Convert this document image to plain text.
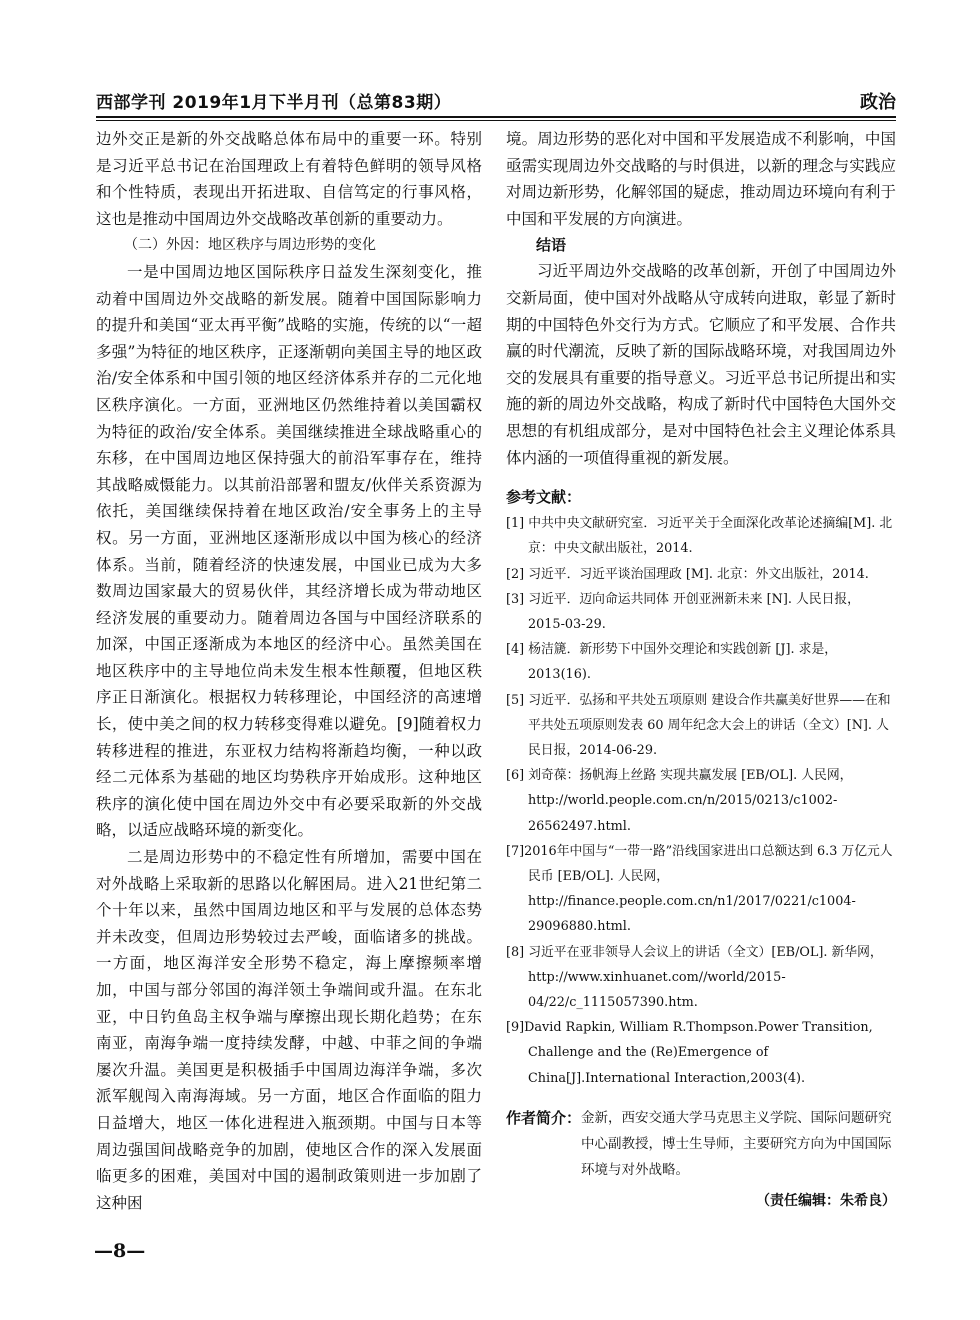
西部学刊 2019年1月下半月刊（总第83期）	政治

边外交正是新的外交战略总体布局中的重要一环。特别是习近平总书记在治国理政上有着特色鲜明的领导风格和个性特质，表现出开拓进取、自信笃定的行事风格，这也是推动中国周边外交战略改革创新的重要动力。

（二）外因：地区秩序与周边形势的变化

一是中国周边地区国际秩序日益发生深刻变化，推动着中国周边外交战略的新发展。随着中国国际影响力的提升和美国“亚太再平衡”战略的实施，传统的以“一超多强”为特征的地区秩序，正逐渐朝向美国主导的地区政治/安全体系和中国引领的地区经济体系并存的二元化地区秩序演化。一方面，亚洲地区仍然维持着以美国霸权为特征的政治/安全体系。美国继续推进全球战略重心的东移，在中国周边地区保持强大的前沿军事存在，维持其战略威慑能力。以其前沿部署和盟友/伙伴关系资源为依托，美国继续保持着在地区政治/安全事务上的主导权。另一方面，亚洲地区逐渐形成以中国为核心的经济体系。当前，随着经济的快速发展，中国业已成为大多数周边国家最大的贸易伙伴，其经济增长成为带动地区经济发展的重要动力。随着周边各国与中国经济联系的加深，中国正逐渐成为本地区的经济中心。虽然美国在地区秩序中的主导地位尚未发生根本性颠覆，但地区秩序正日渐演化。根据权力转移理论，中国经济的高速增长，使中美之间的权力转移变得难以避免。[9]随着权力转移进程的推进，东亚权力结构将渐趋均衡，一种以政经二元体系为基础的地区均势秩序开始成形。这种地区秩序的演化使中国在周边外交中有必要采取新的外交战略，以适应战略环境的新变化。

二是周边形势中的不稳定性有所增加，需要中国在对外战略上采取新的思路以化解困局。进入21世纪第二个十年以来，虽然中国周边地区和平与发展的总体态势并未改变，但周边形势较过去严峻，面临诸多的挑战。一方面，地区海洋安全形势不稳定，海上摩擦频率增加，中国与部分邻国的海洋领土争端间或升温。在东北亚，中日钓鱼岛主权争端与摩擦出现长期化趋势；在东南亚，南海争端一度持续发酵，中越、中菲之间的争端屡次升温。美国更是积极插手中国周边海洋争端，多次派军舰闯入南海海域。另一方面，地区合作面临的阻力日益增大，地区一体化进程进入瓶颈期。中国与日本等周边强国间战略竞争的加剧，使地区合作的深入发展面临更多的困难，美国对中国的遏制政策则进一步加剧了这种困

境。周边形势的恶化对中国和平发展造成不利影响，中国亟需实现周边外交战略的与时俱进，以新的理念与实践应对周边新形势，化解邻国的疑虑，推动周边环境向有利于中国和平发展的方向演进。

结语

习近平周边外交战略的改革创新，开创了中国周边外交新局面，使中国对外战略从守成转向进取，彰显了新时期的中国特色外交行为方式。它顺应了和平发展、合作共赢的时代潮流，反映了新的国际战略环境，对我国周边外交的发展具有重要的指导意义。习近平总书记所提出和实施的新的周边外交战略，构成了新时代中国特色大国外交思想的有机组成部分，是对中国特色社会主义理论体系具体内涵的一项值得重视的新发展。

参考文献：
[1] 中共中央文献研究室．习近平关于全面深化改革论述摘编[M]. 北京：中央文献出版社，2014.
[2] 习近平．习近平谈治国理政 [M]. 北京：外文出版社，2014.
[3] 习近平．迈向命运共同体 开创亚洲新未来 [N]. 人民日报，2015-03-29.
[4] 杨洁篪．新形势下中国外交理论和实践创新 [J]. 求是，2013(16).
[5] 习近平．弘扬和平共处五项原则 建设合作共赢美好世界——在和平共处五项原则发表 60 周年纪念大会上的讲话（全文）[N]. 人民日报，2014-06-29.
[6] 刘奇葆：扬帆海上丝路 实现共赢发展 [EB/OL]. 人民网，http://world.people.com.cn/n/2015/0213/c1002-26562497.html.
[7]2016年中国与“一带一路”沿线国家进出口总额达到 6.3 万亿元人民币 [EB/OL]. 人民网，http://finance.people.com.cn/n1/2017/0221/c1004-29096880.html.
[8] 习近平在亚非领导人会议上的讲话（全文）[EB/OL]. 新华网，http://www.xinhuanet.com//world/2015-04/22/c_1115057390.htm.
[9]David Rapkin, William R.Thompson.Power Transition, Challenge and the (Re)Emergence of China[J].International Interaction,2003(4).
作者简介： 金新，西安交通大学马克思主义学院、国际问题研究中心副教授，博士生导师，主要研究方向为中国国际环境与对外战略。
（责任编辑：朱希良）
—8—
